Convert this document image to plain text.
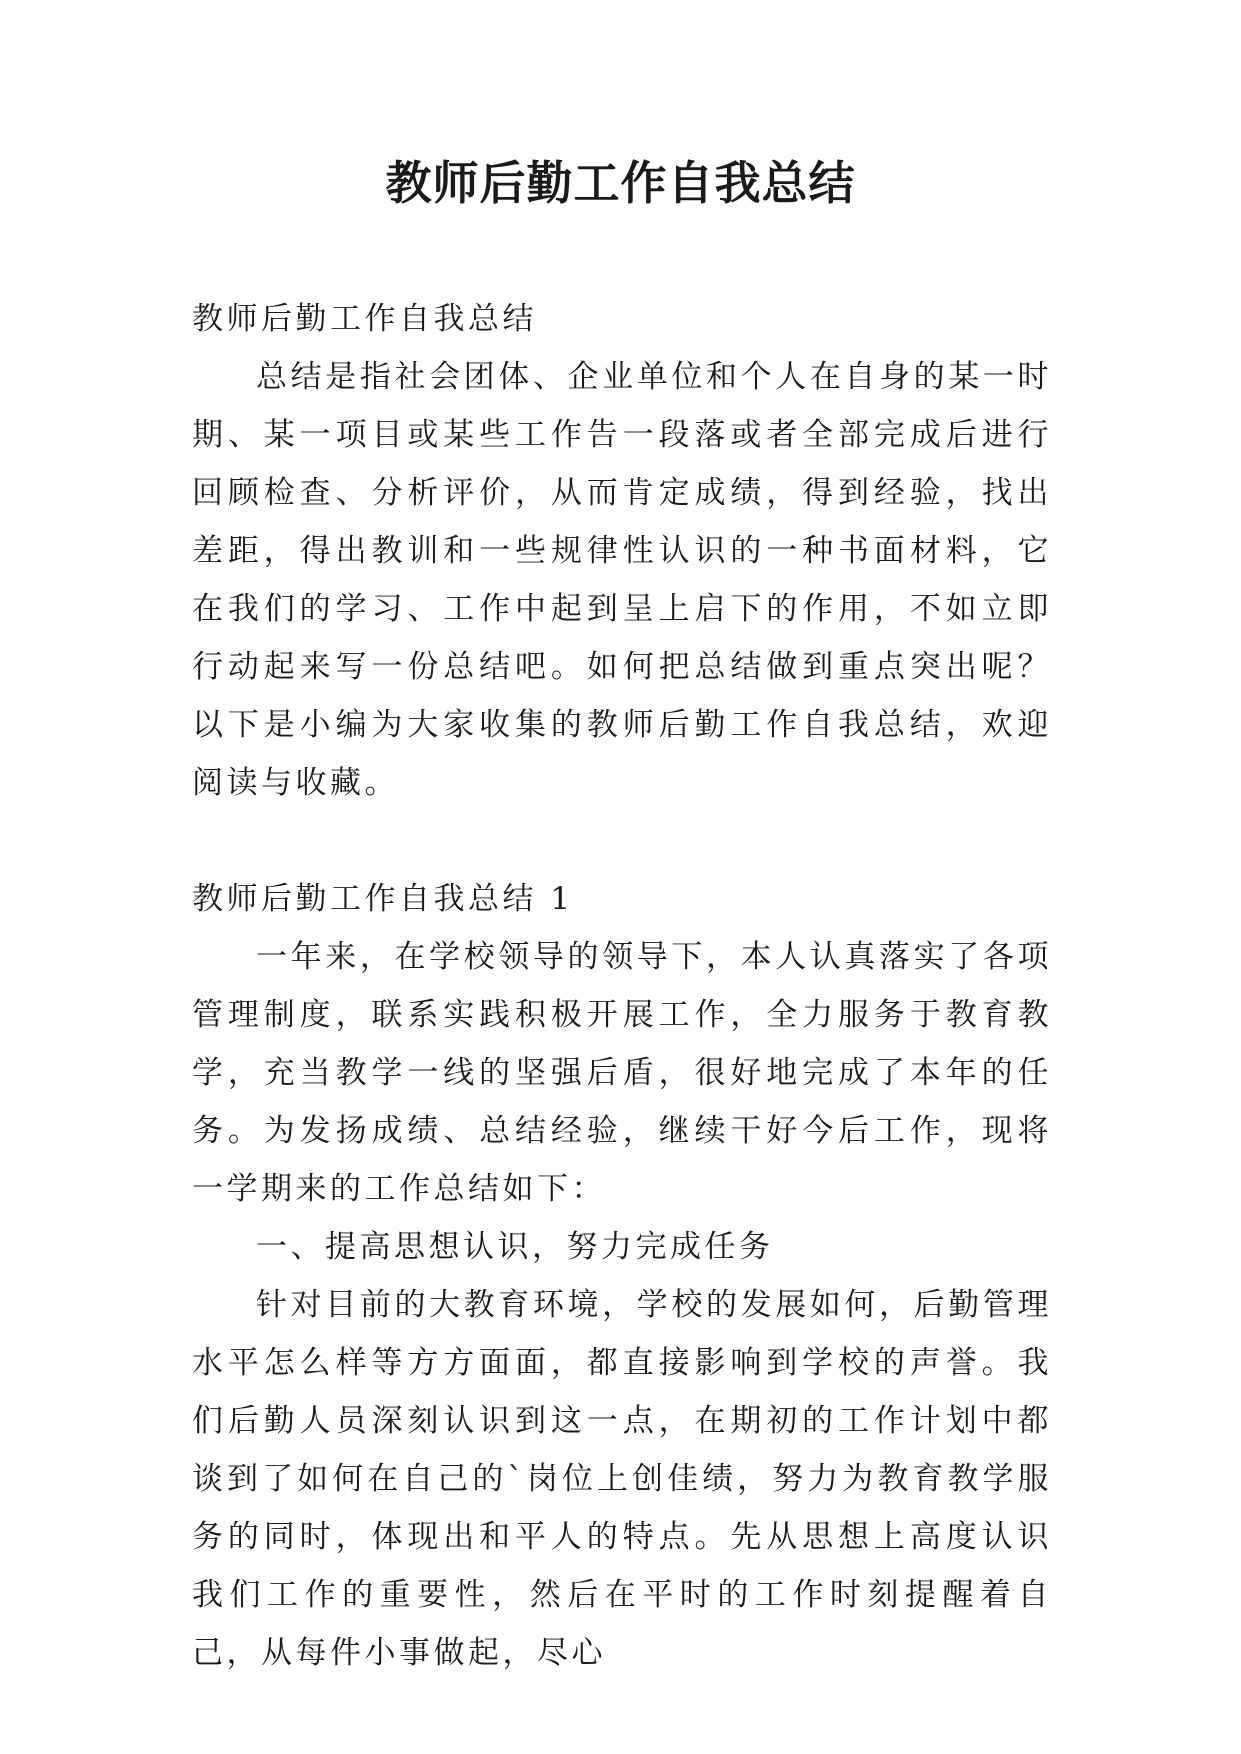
教师后勤工作自我总结

教师后勤工作自我总结

总结是指社会团体、企业单位和个人在自身的某一时期、某一项目或某些工作告一段落或者全部完成后进行回顾检查、分析评价，从而肯定成绩，得到经验，找出差距，得出教训和一些规律性认识的一种书面材料，它在我们的学习、工作中起到呈上启下的作用，不如立即行动起来写一份总结吧。如何把总结做到重点突出呢？以下是小编为大家收集的教师后勤工作自我总结，欢迎阅读与收藏。

教师后勤工作自我总结 1

一年来，在学校领导的领导下，本人认真落实了各项管理制度，联系实践积极开展工作，全力服务于教育教学，充当教学一线的坚强后盾，很好地完成了本年的任务。为发扬成绩、总结经验，继续干好今后工作，现将一学期来的工作总结如下：

一、提高思想认识，努力完成任务

针对目前的大教育环境，学校的发展如何，后勤管理水平怎么样等方方面面，都直接影响到学校的声誉。我们后勤人员深刻认识到这一点，在期初的工作计划中都谈到了如何在自己的`岗位上创佳绩，努力为教育教学服务的同时，体现出和平人的特点。先从思想上高度认识我们工作的重要性，然后在平时的工作时刻提醒着自己，从每件小事做起，尽心
